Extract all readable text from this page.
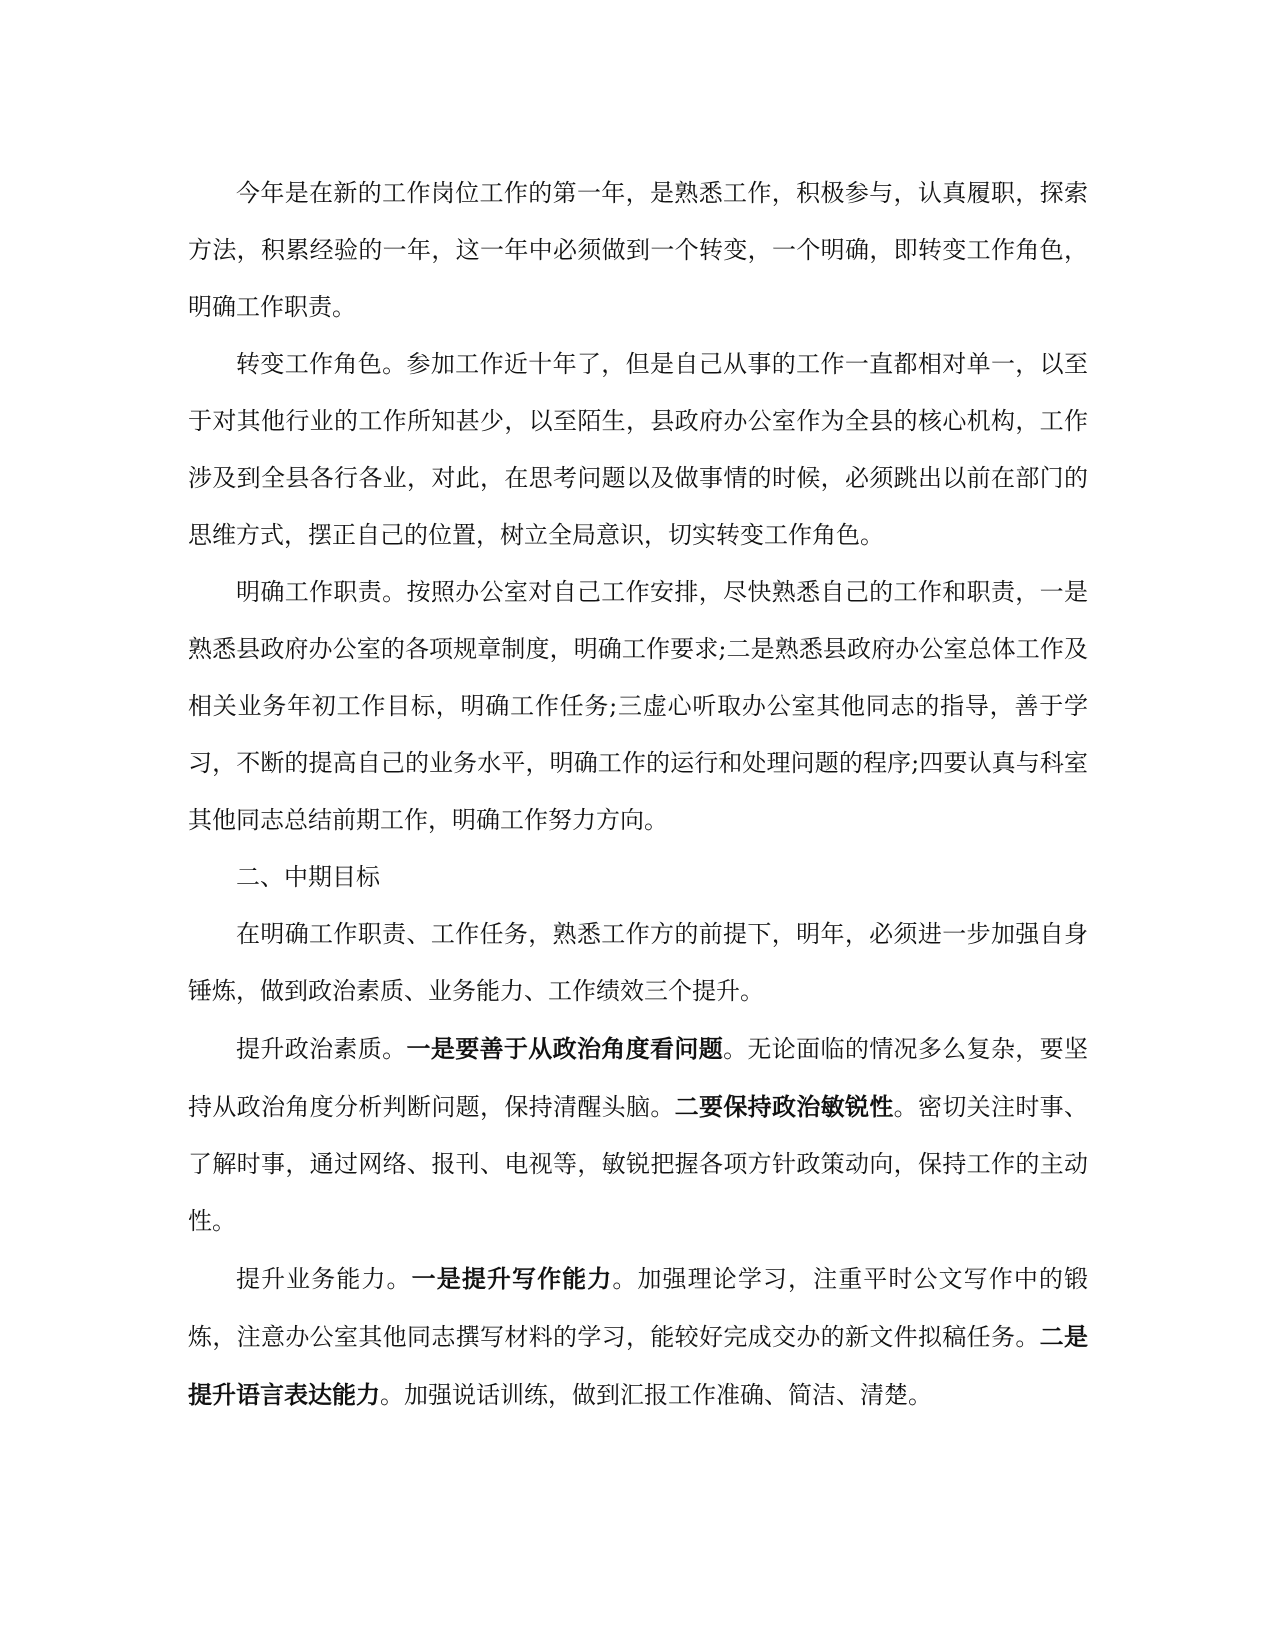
今年是在新的工作岗位工作的第一年，是熟悉工作，积极参与，认真履职，探索方法，积累经验的一年，这一年中必须做到一个转变，一个明确，即转变工作角色，明确工作职责。

转变工作角色。参加工作近十年了，但是自己从事的工作一直都相对单一，以至于对其他行业的工作所知甚少，以至陌生，县政府办公室作为全县的核心机构，工作涉及到全县各行各业，对此，在思考问题以及做事情的时候，必须跳出以前在部门的思维方式，摆正自己的位置，树立全局意识，切实转变工作角色。

明确工作职责。按照办公室对自己工作安排，尽快熟悉自己的工作和职责，一是熟悉县政府办公室的各项规章制度，明确工作要求;二是熟悉县政府办公室总体工作及相关业务年初工作目标，明确工作任务;三虚心听取办公室其他同志的指导，善于学习，不断的提高自己的业务水平，明确工作的运行和处理问题的程序;四要认真与科室其他同志总结前期工作，明确工作努力方向。

二、中期目标

在明确工作职责、工作任务，熟悉工作方的前提下，明年，必须进一步加强自身锤炼，做到政治素质、业务能力、工作绩效三个提升。

提升政治素质。一是要善于从政治角度看问题。无论面临的情况多么复杂，要坚持从政治角度分析判断问题，保持清醒头脑。二要保持政治敏锐性。密切关注时事、了解时事，通过网络、报刊、电视等，敏锐把握各项方针政策动向，保持工作的主动性。

提升业务能力。一是提升写作能力。加强理论学习，注重平时公文写作中的锻炼，注意办公室其他同志撰写材料的学习，能较好完成交办的新文件拟稿任务。二是提升语言表达能力。加强说话训练，做到汇报工作准确、简洁、清楚。
